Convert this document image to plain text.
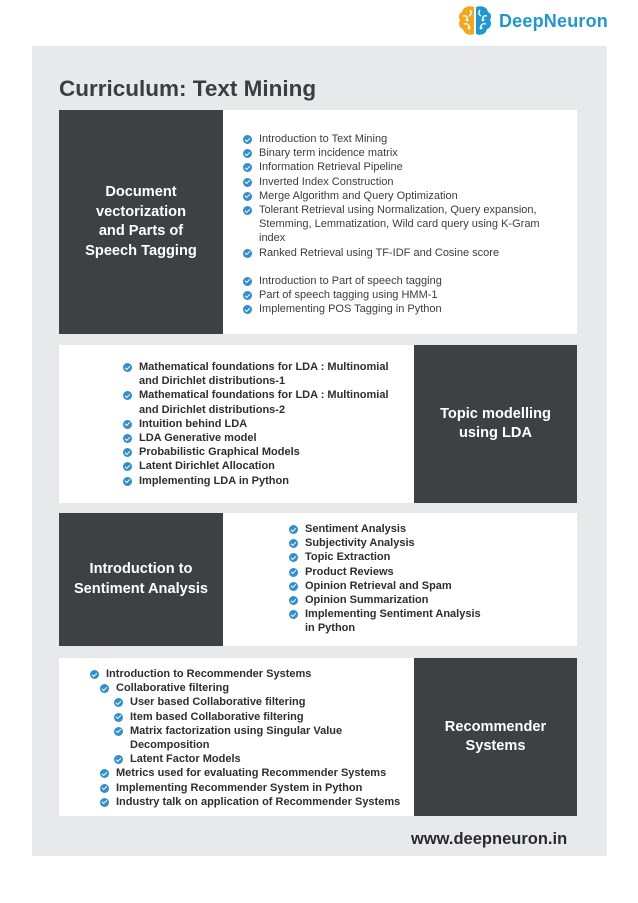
DeepNeuron
Curriculum: Text Mining
Document
vectorization
and Parts of
Speech Tagging
Introduction to Text Mining
Binary term incidence matrix
Information Retrieval Pipeline
Inverted Index Construction
Merge Algorithm and Query Optimization
Tolerant Retrieval using Normalization, Query expansion, Stemming, Lemmatization, Wild card query using K-Gram index
Ranked Retrieval using TF-IDF and Cosine score
Introduction to Part of speech tagging
Part of speech tagging using HMM-1
Implementing POS Tagging in Python
Mathematical foundations for LDA : Multinomial and Dirichlet distributions-1
Mathematical foundations for LDA : Multinomial and Dirichlet distributions-2
Intuition behind LDA
LDA Generative model
Probabilistic Graphical Models
Latent Dirichlet Allocation
Implementing LDA in Python
Topic modelling
using LDA
Introduction to
Sentiment Analysis
Sentiment Analysis
Subjectivity Analysis
Topic Extraction
Product Reviews
Opinion Retrieval and Spam
Opinion Summarization
Implementing Sentiment Analysis in Python
Introduction to Recommender Systems
Collaborative filtering
User based Collaborative filtering
Item based Collaborative filtering
Matrix factorization using Singular Value Decomposition
Latent Factor Models
Metrics used for evaluating Recommender Systems
Implementing Recommender System in Python
Industry talk on application of Recommender Systems
Recommender
Systems
www.deepneuron.in
